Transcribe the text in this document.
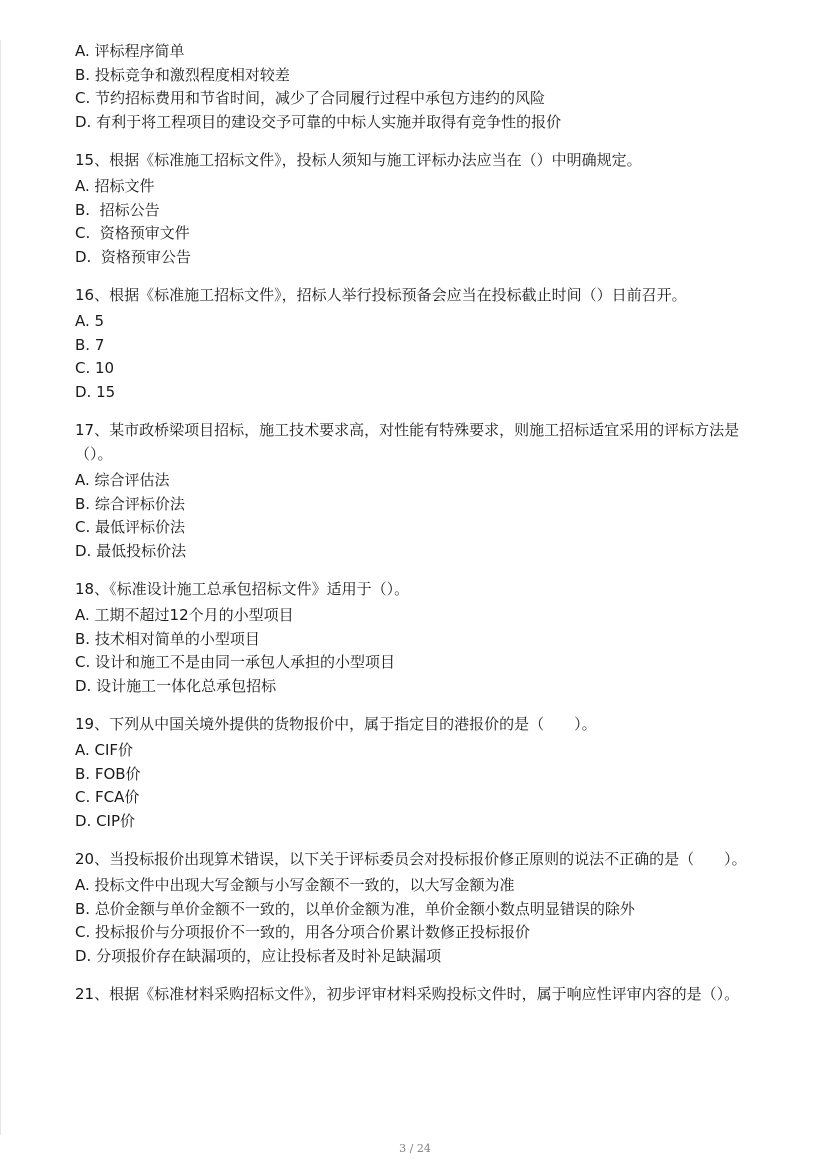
A. 评标程序简单
B. 投标竞争和激烈程度相对较差
C. 节约招标费用和节省时间，减少了合同履行过程中承包方违约的风险
D. 有利于将工程项目的建设交予可靠的中标人实施并取得有竞争性的报价
15、根据《标准施工招标文件》，投标人须知与施工评标办法应当在（）中明确规定。
A. 招标文件
B.  招标公告
C.  资格预审文件
D.  资格预审公告
16、根据《标准施工招标文件》，招标人举行投标预备会应当在投标截止时间（）日前召开。
A. 5
B. 7
C. 10
D. 15
17、某市政桥梁项目招标，施工技术要求高，对性能有特殊要求，则施工招标适宜采用的评标方法是（）。
A. 综合评估法
B. 综合评标价法
C. 最低评标价法
D. 最低投标价法
18、《标准设计施工总承包招标文件》适用于（）。
A. 工期不超过12个月的小型项目
B. 技术相对简单的小型项目
C. 设计和施工不是由同一承包人承担的小型项目
D. 设计施工一体化总承包招标
19、下列从中国关境外提供的货物报价中，属于指定目的港报价的是（　　）。
A. CIF价
B. FOB价
C. FCA价
D. CIP价
20、当投标报价出现算术错误，以下关于评标委员会对投标报价修正原则的说法不正确的是（　　）。
A. 投标文件中出现大写金额与小写金额不一致的，以大写金额为准
B. 总价金额与单价金额不一致的，以单价金额为准，单价金额小数点明显错误的除外
C. 投标报价与分项报价不一致的，用各分项合价累计数修正投标报价
D. 分项报价存在缺漏项的，应让投标者及时补足缺漏项
21、根据《标准材料采购招标文件》，初步评审材料采购投标文件时，属于响应性评审内容的是（）。
3 / 24
